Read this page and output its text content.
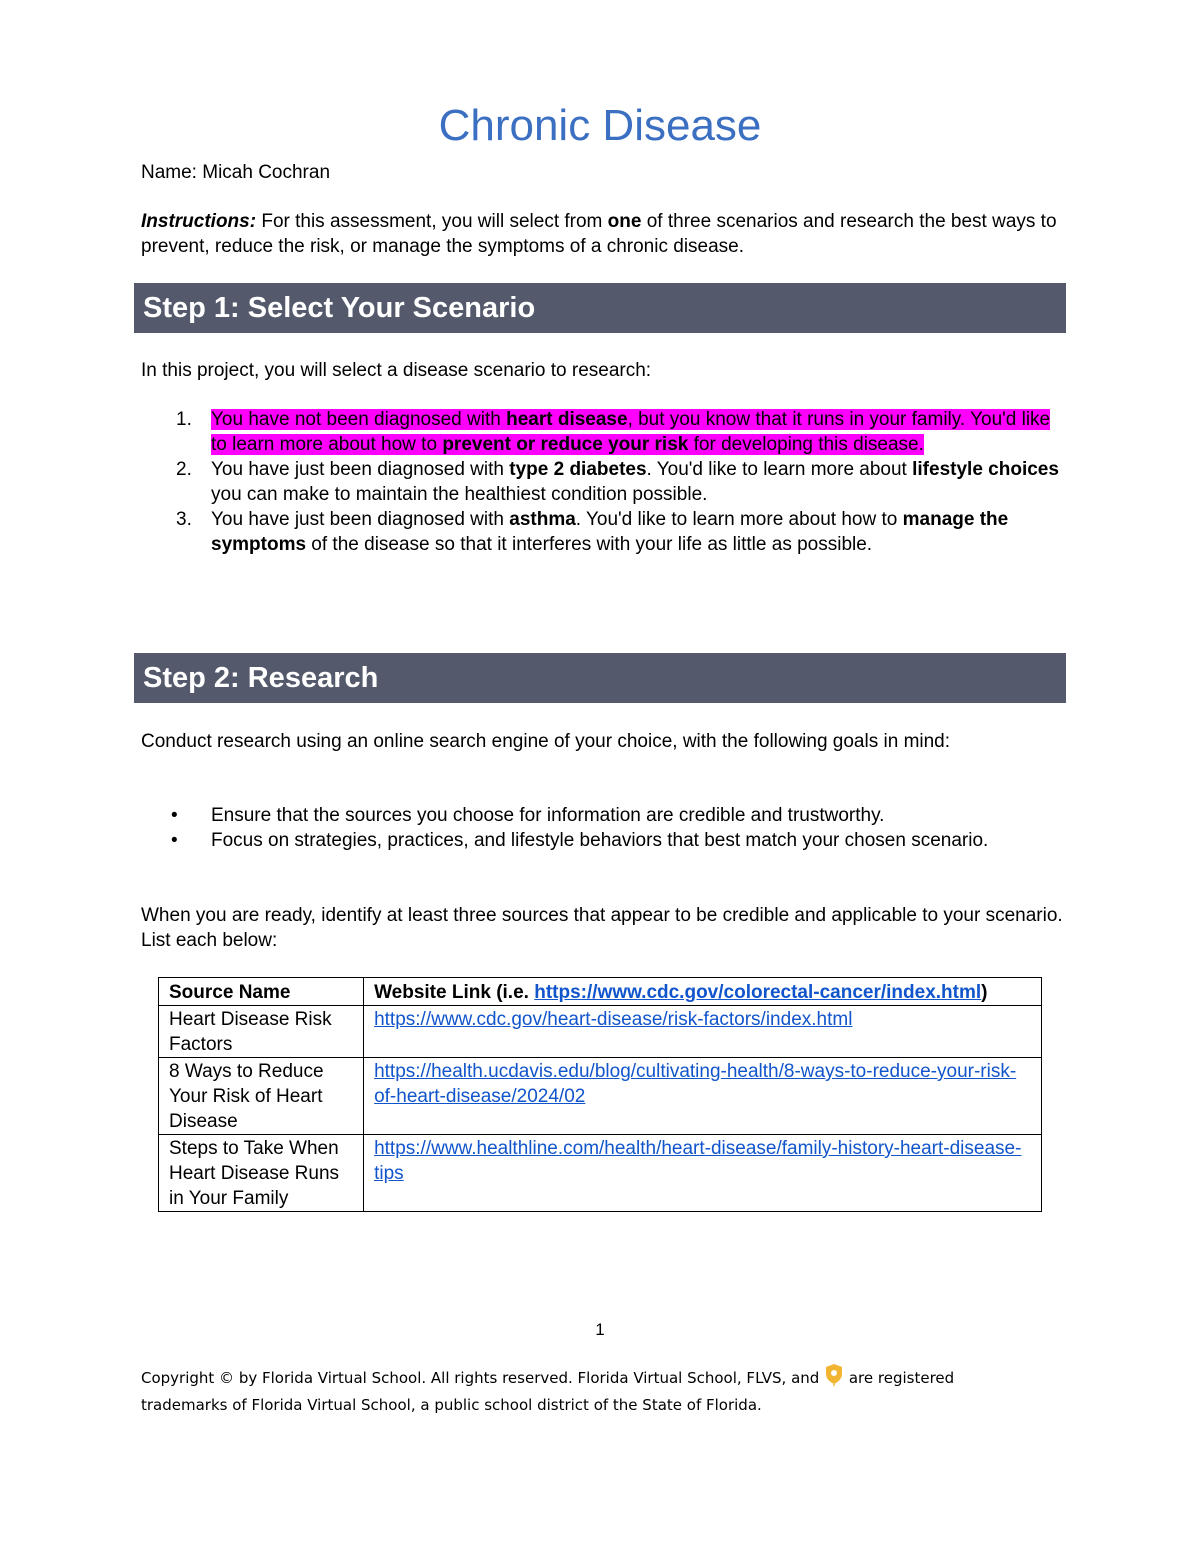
Chronic Disease
Name: Micah Cochran
Instructions: For this assessment, you will select from one of three scenarios and research the best ways to prevent, reduce the risk, or manage the symptoms of a chronic disease.
Step 1: Select Your Scenario
In this project, you will select a disease scenario to research:
1. You have not been diagnosed with heart disease, but you know that it runs in your family. You'd like to learn more about how to prevent or reduce your risk for developing this disease.
2. You have just been diagnosed with type 2 diabetes. You'd like to learn more about lifestyle choices you can make to maintain the healthiest condition possible.
3. You have just been diagnosed with asthma. You'd like to learn more about how to manage the symptoms of the disease so that it interferes with your life as little as possible.
Step 2: Research
Conduct research using an online search engine of your choice, with the following goals in mind:
• Ensure that the sources you choose for information are credible and trustworthy.
• Focus on strategies, practices, and lifestyle behaviors that best match your chosen scenario.
When you are ready, identify at least three sources that appear to be credible and applicable to your scenario. List each below:
Source Name	Website Link (i.e. https://www.cdc.gov/colorectal-cancer/index.html)
Heart Disease Risk Factors	https://www.cdc.gov/heart-disease/risk-factors/index.html
8 Ways to Reduce Your Risk of Heart Disease	https://health.ucdavis.edu/blog/cultivating-health/8-ways-to-reduce-your-risk-of-heart-disease/2024/02
Steps to Take When Heart Disease Runs in Your Family	https://www.healthline.com/health/heart-disease/family-history-heart-disease-tips
1
Copyright © by Florida Virtual School. All rights reserved. Florida Virtual School, FLVS, and  are registered trademarks of Florida Virtual School, a public school district of the State of Florida.
